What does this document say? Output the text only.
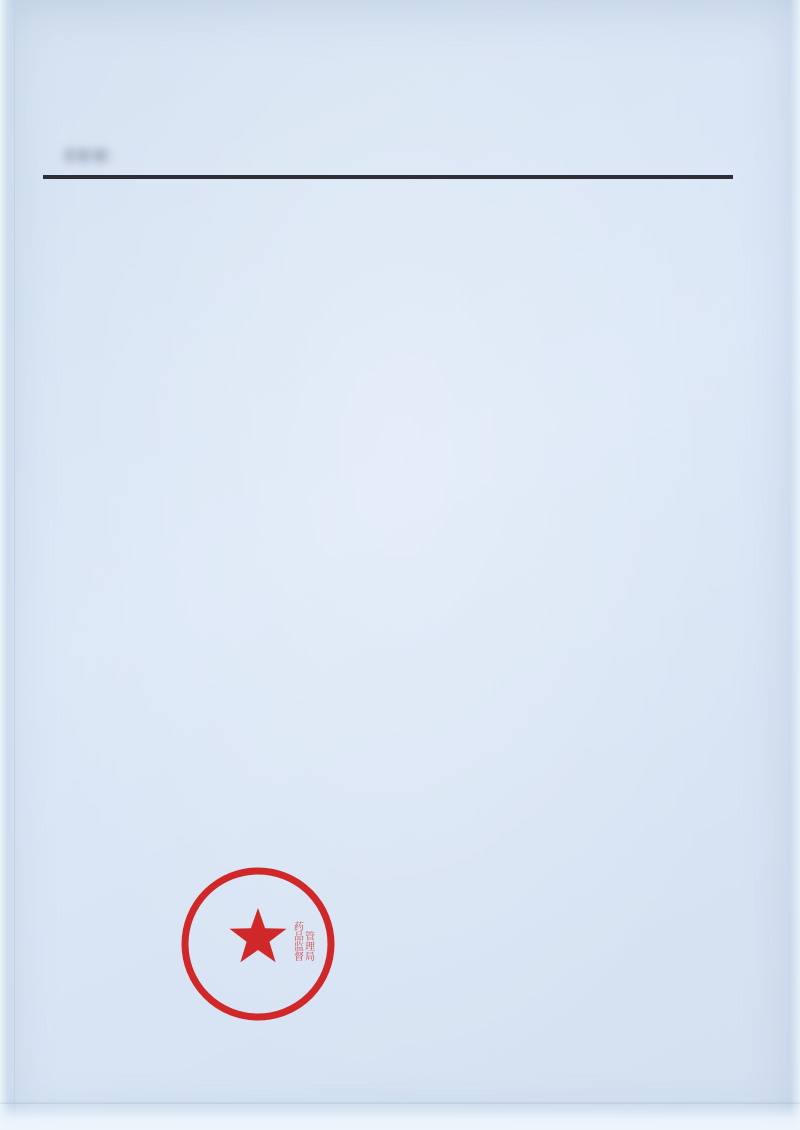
药品监督管理局
